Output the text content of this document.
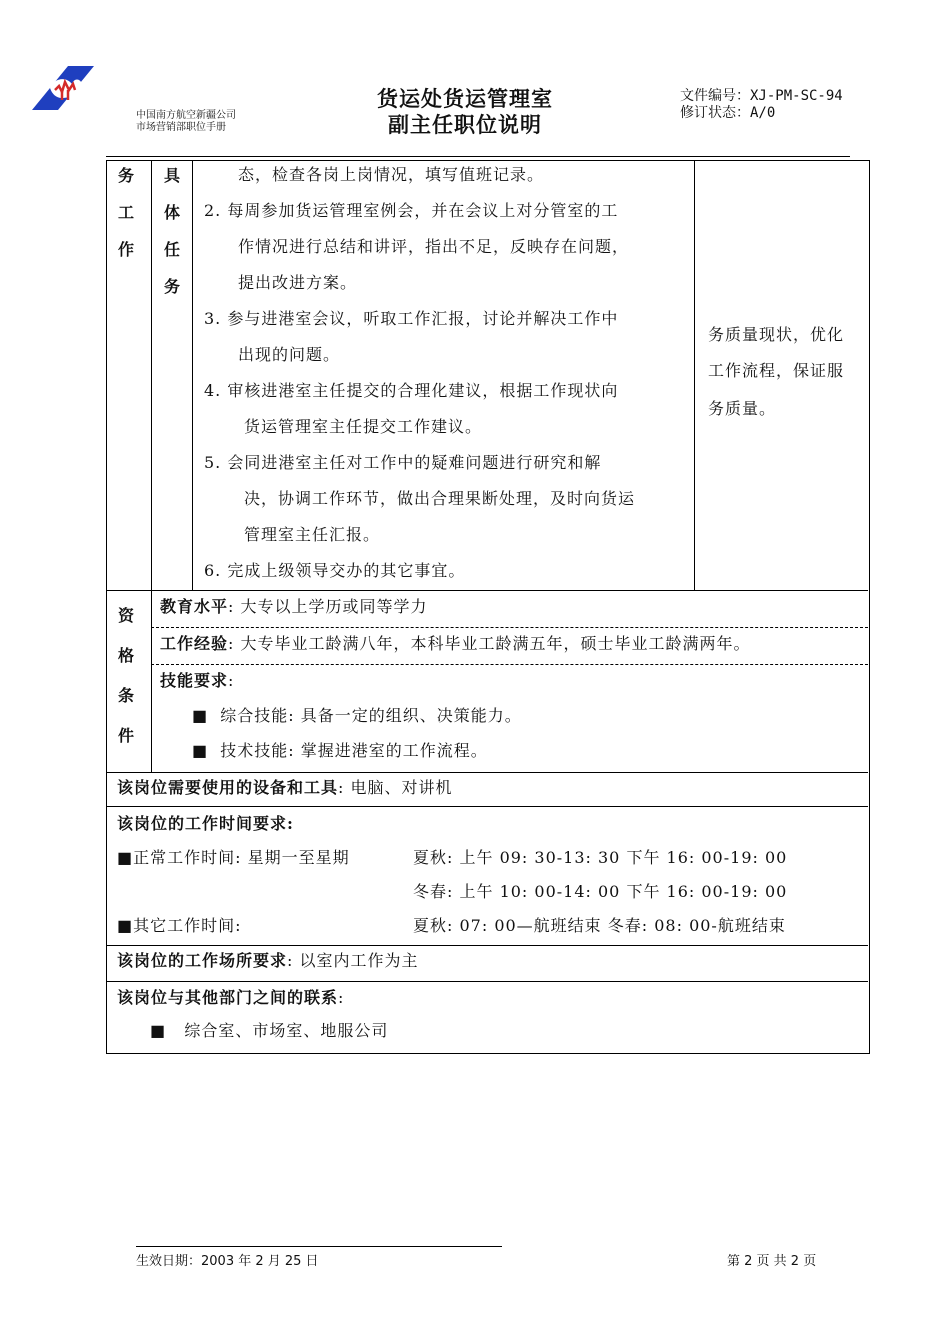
中国南方航空新疆公司
市场营销部职位手册
货运处货运管理室
副主任职位说明
文件编号：XJ-PM-SC-94
修订状态：A/0
务
工
作
具
体
任
务
态，检查各岗上岗情况，填写值班记录。
2. 每周参加货运管理室例会，并在会议上对分管室的工
作情况进行总结和讲评，指出不足，反映存在问题，
提出改进方案。
3. 参与进港室会议，听取工作汇报，讨论并解决工作中
出现的问题。
4. 审核进港室主任提交的合理化建议，根据工作现状向
货运管理室主任提交工作建议。
5. 会同进港室主任对工作中的疑难问题进行研究和解
决，协调工作环节，做出合理果断处理，及时向货运
管理室主任汇报。
6. 完成上级领导交办的其它事宜。
务质量现状，优化
工作流程，保证服
务质量。
资
格
条
件
教育水平: 大专以上学历或同等学力
工作经验: 大专毕业工龄满八年，本科毕业工龄满五年，硕士毕业工龄满两年。
技能要求:
■ 综合技能: 具备一定的组织、决策能力。
■ 技术技能: 掌握进港室的工作流程。
该岗位需要使用的设备和工具: 电脑、对讲机
该岗位的工作时间要求:
■正常工作时间: 星期一至星期	夏秋: 上午 09: 30-13: 30 下午 16: 00-19: 00
冬春: 上午 10: 00-14: 00 下午 16: 00-19: 00
■其它工作时间:	夏秋: 07: 00—航班结束 冬春: 08: 00-航班结束
该岗位的工作场所要求: 以室内工作为主
该岗位与其他部门之间的联系:
■ 综合室、市场室、地服公司
生效日期：2003 年 2 月 25 日	第 2 页 共 2 页
